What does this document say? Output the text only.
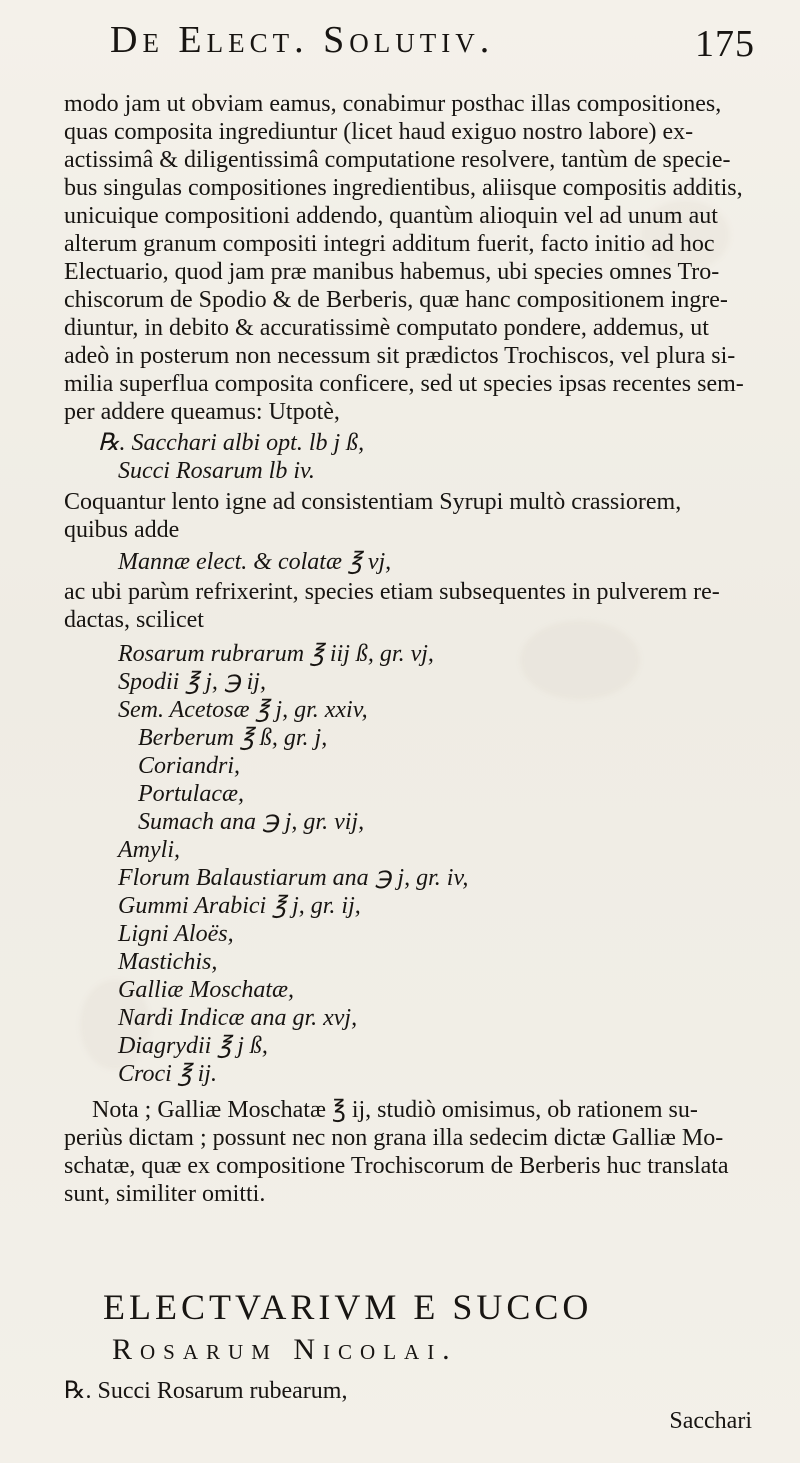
De Elect. Solutiv.	175
modo jam ut obviam eamus, conabimur posthac illas compositiones,
quas composita ingrediuntur (licet haud exiguo nostro labore) ex-
actissimâ & diligentissimâ computatione resolvere, tantùm de specie-
bus singulas compositiones ingredientibus, aliisque compositis additis,
unicuique compositioni addendo, quantùm alioquin vel ad unum aut
alterum granum compositi integri additum fuerit, facto initio ad hoc
Electuario, quod jam præ manibus habemus, ubi species omnes Tro-
chiscorum de Spodio & de Berberis, quæ hanc compositionem ingre-
diuntur, in debito & accuratissimè computato pondere, addemus, ut
adeò in posterum non necessum sit prædictos Trochiscos, vel plura si-
milia superflua composita conficere, sed ut species ipsas recentes sem-
per addere queamus: Utpotè,
℞. Sacchari albi opt. lb j ß,
Succi Rosarum lb iv.
Coquantur lento igne ad consistentiam Syrupi multò crassiorem,
quibus adde
Mannæ elect. & colatæ ℥ vj,
ac ubi parùm refrixerint, species etiam subsequentes in pulverem re-
dactas, scilicet
Rosarum rubrarum ℥ iij ß, gr. vj,
Spodii ℥ j, ℈ ij,
Sem. Acetosæ ℥ j, gr. xxiv,
Berberum ℥ ß, gr. j,
Coriandri,
Portulacæ,
Sumach ana ℈ j, gr. vij,
Amyli,
Florum Balaustiarum ana ℈ j, gr. iv,
Gummi Arabici ℥ j, gr. ij,
Ligni Aloës,
Mastichis,
Galliæ Moschatæ,
Nardi Indicæ ana gr. xvj,
Diagrydii ℥ j ß,
Croci ℥ ij.
Nota ; Galliæ Moschatæ ℥ ij, studiò omisimus, ob rationem su-
periùs dictam ; possunt nec non grana illa sedecim dictæ Galliæ Mo-
schatæ, quæ ex compositione Trochiscorum de Berberis huc translata
sunt, similiter omitti.
ELECTVARIVM E SUCCO
Rosarum Nicolai.
℞. Succi Rosarum rubearum,
Sacchari
